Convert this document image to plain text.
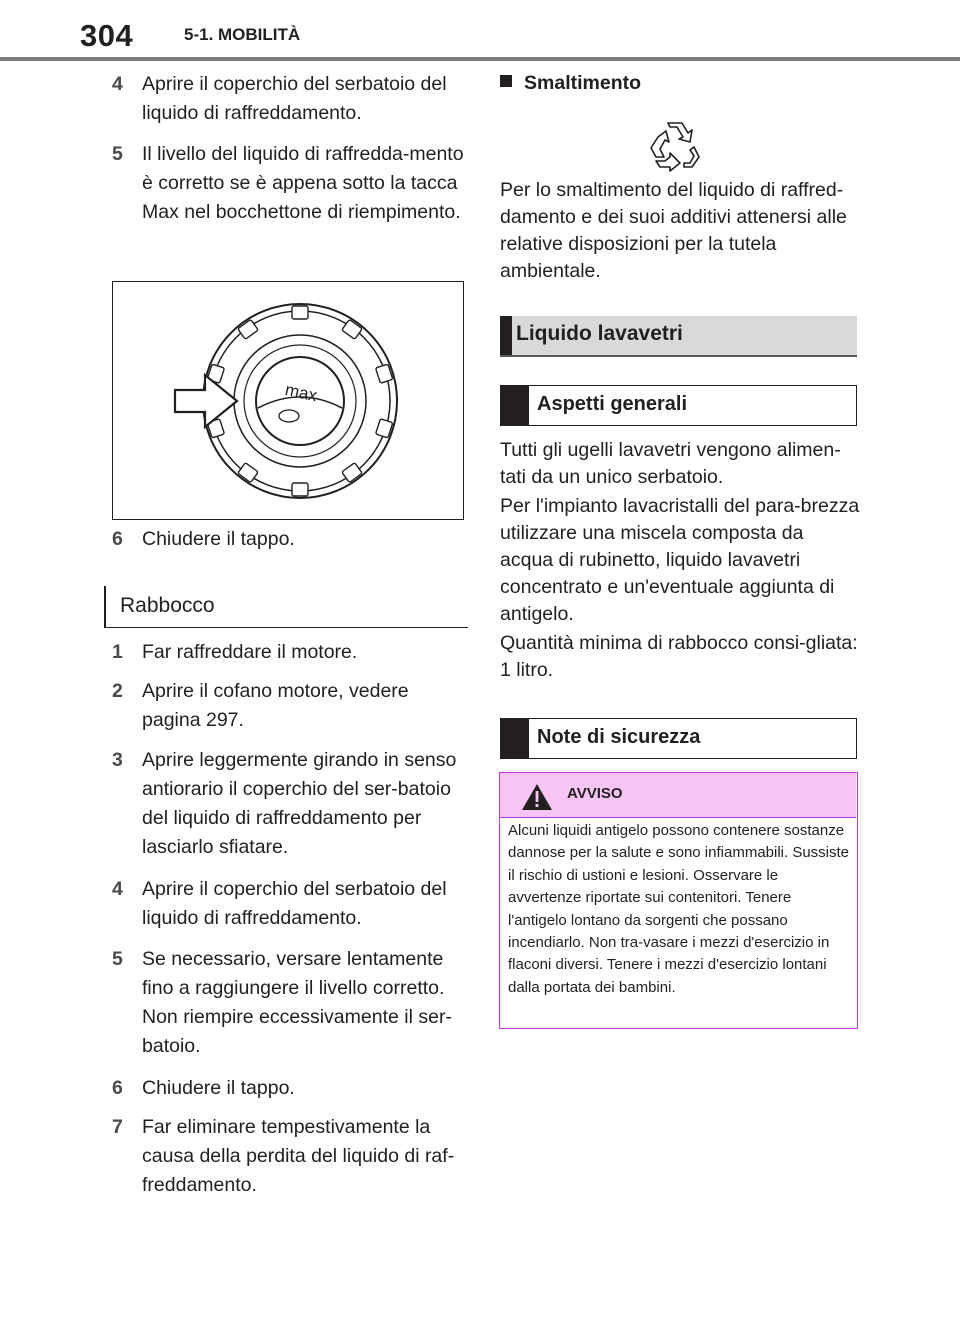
304	5-1. MOBILITÀ
4 Aprire il coperchio del serbatoio del liquido di raffreddamento.
5 Il livello del liquido di raffredda-mento è corretto se è appena sotto la tacca Max nel bocchettone di riempimento.
max
6 Chiudere il tappo.
Rabbocco
1 Far raffreddare il motore.
2 Aprire il cofano motore, vedere pagina 297.
3 Aprire leggermente girando in senso antiorario il coperchio del ser-batoio del liquido di raffreddamento per lasciarlo sfiatare.
4 Aprire il coperchio del serbatoio del liquido di raffreddamento.
5 Se necessario, versare lentamente fino a raggiungere il livello corretto. Non riempire eccessivamente il ser-batoio.
6 Chiudere il tappo.
7 Far eliminare tempestivamente la causa della perdita del liquido di raf-freddamento.
Smaltimento
Per lo smaltimento del liquido di raffred-damento e dei suoi additivi attenersi alle relative disposizioni per la tutela ambientale.
Liquido lavavetri
Aspetti generali
Tutti gli ugelli lavavetri vengono alimen-tati da un unico serbatoio.
Per l'impianto lavacristalli del para-brezza utilizzare una miscela composta da acqua di rubinetto, liquido lavavetri concentrato e un'eventuale aggiunta di antigelo.
Quantità minima di rabbocco consi-gliata: 1 litro.
Note di sicurezza
AVVISO
Alcuni liquidi antigelo possono contenere sostanze dannose per la salute e sono infiammabili. Sussiste il rischio di ustioni e lesioni. Osservare le avvertenze riportate sui contenitori. Tenere l'antigelo lontano da sorgenti che possano incendiarlo. Non tra-vasare i mezzi d'esercizio in flaconi diversi. Tenere i mezzi d'esercizio lontani dalla portata dei bambini.
